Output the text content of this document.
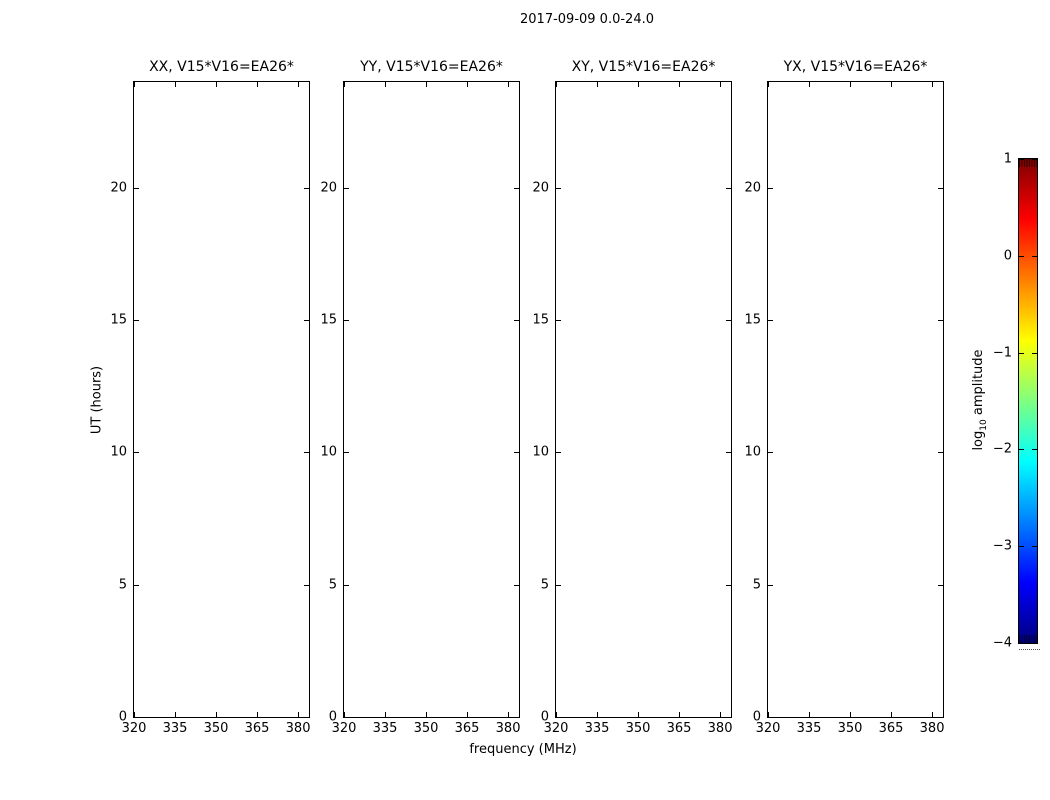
2017-09-09 0.0-24.0
UT (hours)
frequency (MHz)
XX, V15*V16=EA26*
320 335 350 365 380
0
5
10
15
20
YY, V15*V16=EA26*
320 335 350 365 380
0
5
10
15
20
XY, V15*V16=EA26*
320 335 350 365 380
0
5
10
15
20
YX, V15*V16=EA26*
320 335 350 365 380
0
5
10
15
20
1
0
−1
−2
−3
−4
$\log_{10}$ amplitude
